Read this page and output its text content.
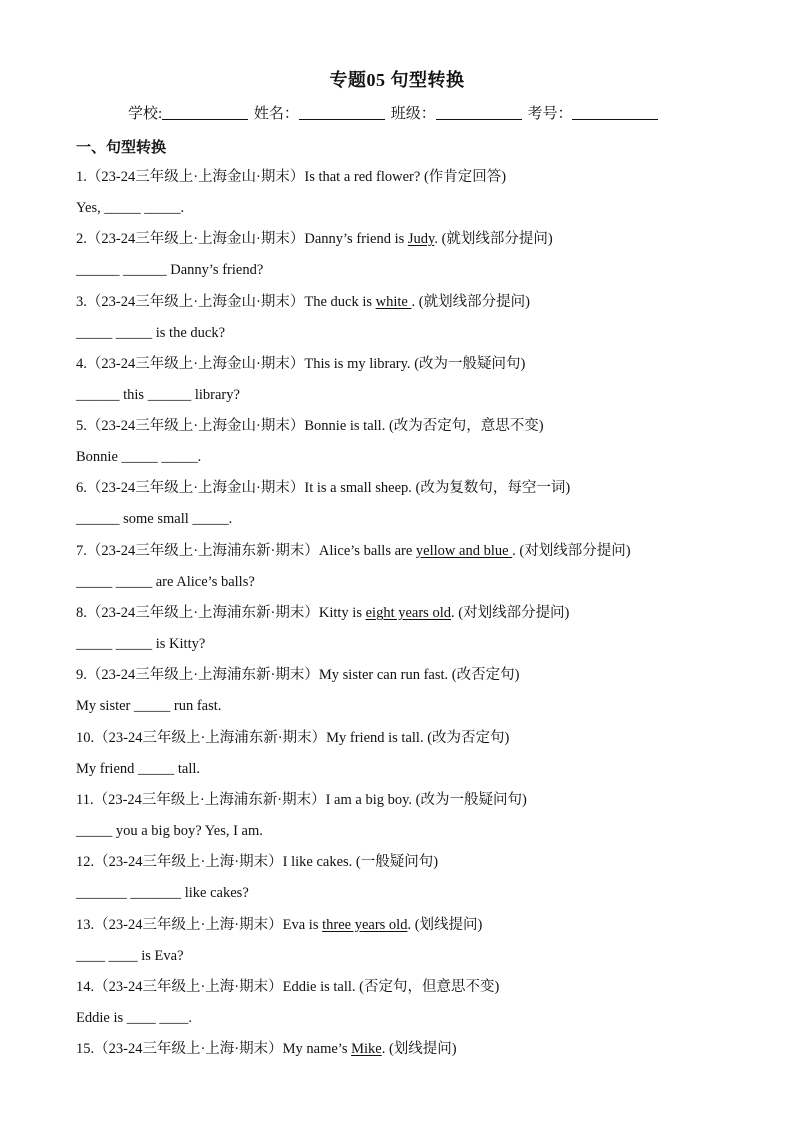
专题05 句型转换
学校:	姓名：	班级：	考号：
一、句型转换
1.（23-24三年级上·上海金山·期末）Is that a red flower? (作肯定回答)
Yes, _____ _____.
2.（23-24三年级上·上海金山·期末）Danny’s friend is Judy. (就划线部分提问)
______ ______ Danny’s friend?
3.（23-24三年级上·上海金山·期末）The duck is white . (就划线部分提问)
_____ _____ is the duck?
4.（23-24三年级上·上海金山·期末）This is my library. (改为一般疑问句)
______ this ______ library?
5.（23-24三年级上·上海金山·期末）Bonnie is tall. (改为否定句，意思不变)
Bonnie _____ _____.
6.（23-24三年级上·上海金山·期末）It is a small sheep. (改为复数句，每空一词)
______ some small _____.
7.（23-24三年级上·上海浦东新·期末）Alice’s balls are yellow and blue . (对划线部分提问)
_____ _____ are Alice’s balls?
8.（23-24三年级上·上海浦东新·期末）Kitty is eight years old. (对划线部分提问)
_____ _____ is Kitty?
9.（23-24三年级上·上海浦东新·期末）My sister can run fast. (改否定句)
My sister _____ run fast.
10.（23-24三年级上·上海浦东新·期末）My friend is tall. (改为否定句)
My friend _____ tall.
11.（23-24三年级上·上海浦东新·期末）I am a big boy. (改为一般疑问句)
_____ you a big boy? Yes, I am.
12.（23-24三年级上·上海·期末）I like cakes. (一般疑问句)
_______ _______ like cakes?
13.（23-24三年级上·上海·期末）Eva is three years old. (划线提问)
____ ____ is Eva?
14.（23-24三年级上·上海·期末）Eddie is tall. (否定句，但意思不变)
Eddie is ____ ____.
15.（23-24三年级上·上海·期末）My name’s Mike. (划线提问)
